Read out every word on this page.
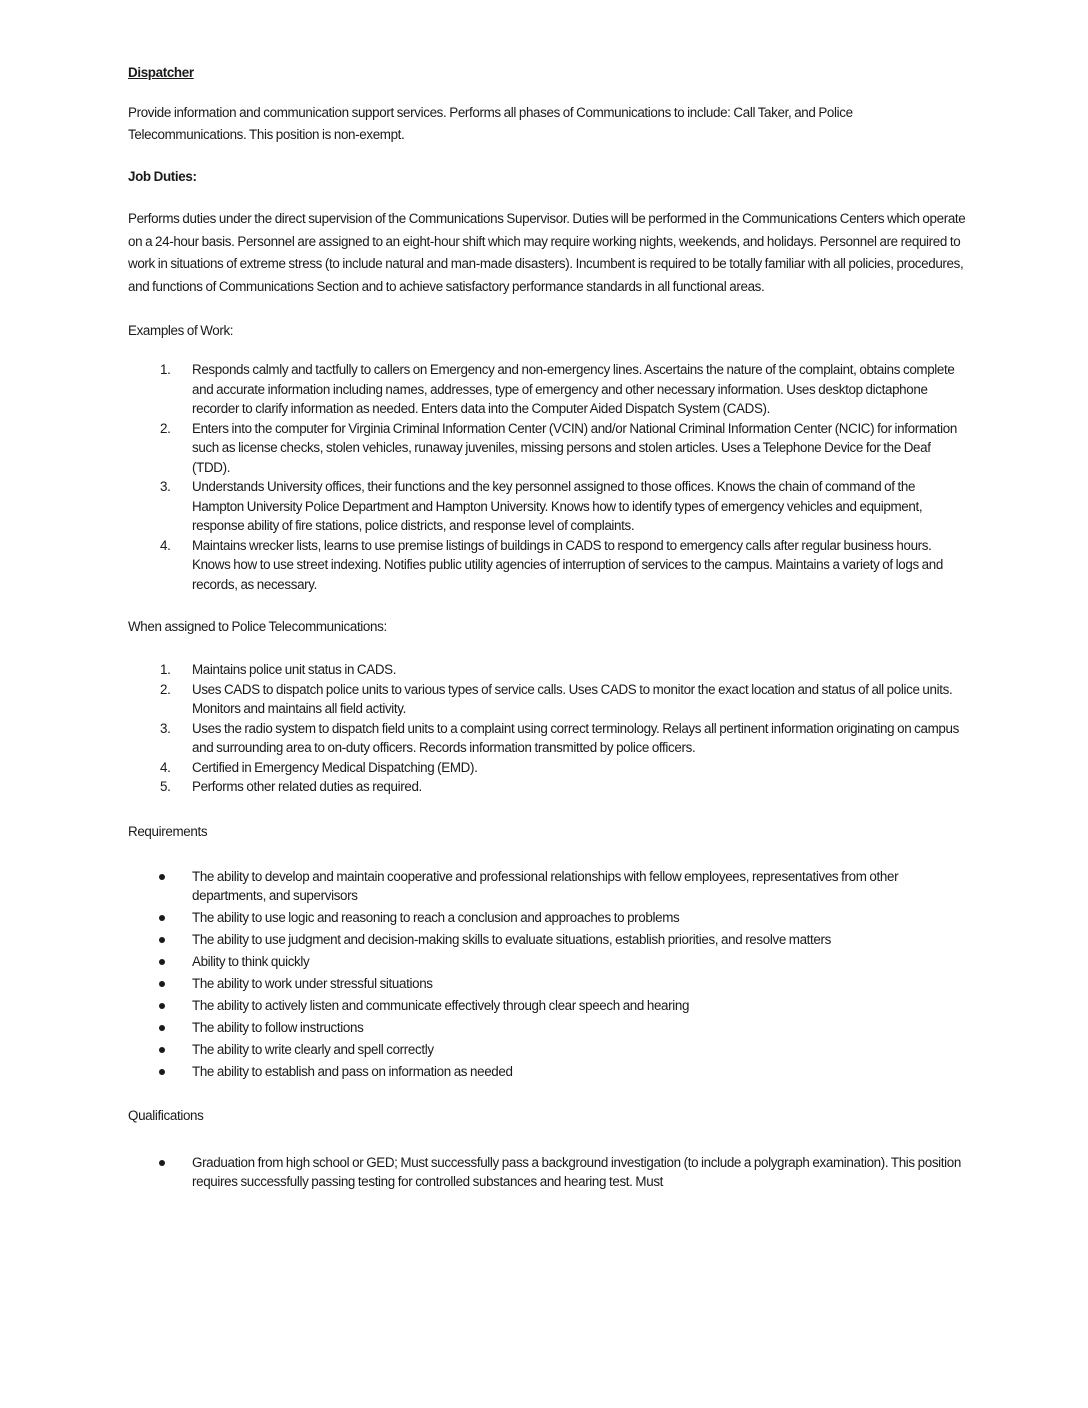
Dispatcher

Provide information and communication support services. Performs all phases of Communications to include: Call Taker, and Police Telecommunications. This position is non-exempt.

Job Duties:

Performs duties under the direct supervision of the Communications Supervisor. Duties will be performed in the Communications Centers which operate on a 24-hour basis. Personnel are assigned to an eight-hour shift which may require working nights, weekends, and holidays. Personnel are required to work in situations of extreme stress (to include natural and man-made disasters). Incumbent is required to be totally familiar with all policies, procedures, and functions of Communications Section and to achieve satisfactory performance standards in all functional areas.

Examples of Work:

1. Responds calmly and tactfully to callers on Emergency and non-emergency lines. Ascertains the nature of the complaint, obtains complete and accurate information including names, addresses, type of emergency and other necessary information. Uses desktop dictaphone recorder to clarify information as needed. Enters data into the Computer Aided Dispatch System (CADS).
2. Enters into the computer for Virginia Criminal Information Center (VCIN) and/or National Criminal Information Center (NCIC) for information such as license checks, stolen vehicles, runaway juveniles, missing persons and stolen articles. Uses a Telephone Device for the Deaf (TDD).
3. Understands University offices, their functions and the key personnel assigned to those offices. Knows the chain of command of the Hampton University Police Department and Hampton University. Knows how to identify types of emergency vehicles and equipment, response ability of fire stations, police districts, and response level of complaints.
4. Maintains wrecker lists, learns to use premise listings of buildings in CADS to respond to emergency calls after regular business hours. Knows how to use street indexing. Notifies public utility agencies of interruption of services to the campus. Maintains a variety of logs and records, as necessary.

When assigned to Police Telecommunications:

1. Maintains police unit status in CADS.
2. Uses CADS to dispatch police units to various types of service calls. Uses CADS to monitor the exact location and status of all police units. Monitors and maintains all field activity.
3. Uses the radio system to dispatch field units to a complaint using correct terminology. Relays all pertinent information originating on campus and surrounding area to on-duty officers. Records information transmitted by police officers.
4. Certified in Emergency Medical Dispatching (EMD).
5. Performs other related duties as required.

Requirements

The ability to develop and maintain cooperative and professional relationships with fellow employees, representatives from other departments, and supervisors
The ability to use logic and reasoning to reach a conclusion and approaches to problems
The ability to use judgment and decision-making skills to evaluate situations, establish priorities, and resolve matters
Ability to think quickly
The ability to work under stressful situations
The ability to actively listen and communicate effectively through clear speech and hearing
The ability to follow instructions
The ability to write clearly and spell correctly
The ability to establish and pass on information as needed

Qualifications

Graduation from high school or GED; Must successfully pass a background investigation (to include a polygraph examination). This position requires successfully passing testing for controlled substances and hearing test. Must
